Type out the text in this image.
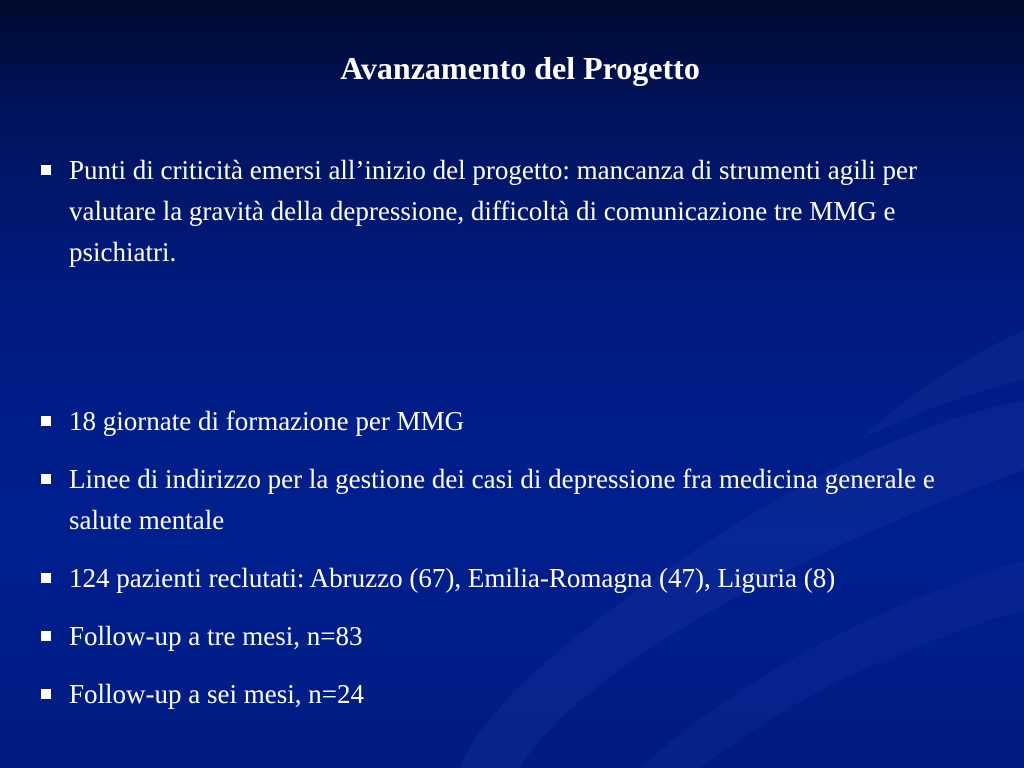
Avanzamento del Progetto
Punti di criticità emersi all’inizio del progetto: mancanza di strumenti agili per valutare la gravità della depressione, difficoltà di comunicazione tre MMG e psichiatri.
18 giornate di formazione per MMG
Linee di indirizzo per la gestione dei casi di depressione fra medicina generale e salute mentale
124 pazienti reclutati: Abruzzo (67), Emilia-Romagna (47), Liguria (8)
Follow-up a tre mesi, n=83
Follow-up a sei mesi, n=24
